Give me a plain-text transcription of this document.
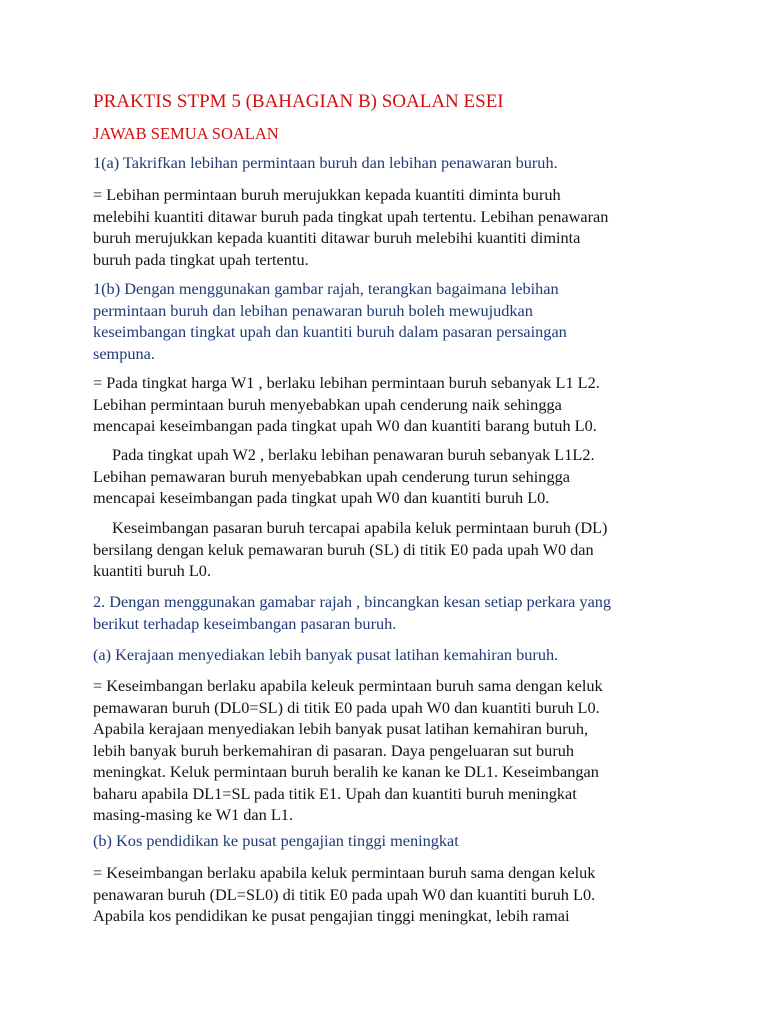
PRAKTIS STPM 5 (BAHAGIAN B) SOALAN ESEI
JAWAB SEMUA SOALAN
1(a) Takrifkan lebihan permintaan buruh dan lebihan penawaran buruh.
= Lebihan permintaan buruh merujukkan kepada kuantiti diminta buruh
melebihi kuantiti ditawar buruh pada tingkat upah tertentu. Lebihan penawaran
buruh merujukkan kepada kuantiti ditawar buruh melebihi kuantiti diminta
buruh pada tingkat upah tertentu.
1(b) Dengan menggunakan gambar rajah, terangkan bagaimana lebihan
permintaan buruh dan lebihan penawaran buruh boleh mewujudkan
keseimbangan tingkat upah dan kuantiti buruh dalam pasaran persaingan
sempuna.
= Pada tingkat harga W1 , berlaku lebihan permintaan buruh sebanyak L1 L2.
Lebihan permintaan buruh menyebabkan upah cenderung naik sehingga
mencapai keseimbangan pada tingkat upah W0 dan kuantiti barang butuh L0.
Pada tingkat upah W2 , berlaku lebihan penawaran buruh sebanyak L1L2.
Lebihan pemawaran buruh menyebabkan upah cenderung turun sehingga
mencapai keseimbangan pada tingkat upah W0 dan kuantiti buruh L0.
Keseimbangan pasaran buruh tercapai apabila keluk permintaan buruh (DL)
bersilang dengan keluk pemawaran buruh (SL) di titik E0 pada upah W0 dan
kuantiti buruh L0.
2. Dengan menggunakan gamabar rajah , bincangkan kesan setiap perkara yang
berikut terhadap keseimbangan pasaran buruh.
(a) Kerajaan menyediakan lebih banyak pusat latihan kemahiran buruh.
= Keseimbangan berlaku apabila keleuk permintaan buruh sama dengan keluk
pemawaran buruh (DL0=SL) di titik E0 pada upah W0 dan kuantiti buruh L0.
Apabila kerajaan menyediakan lebih banyak pusat latihan kemahiran buruh,
lebih banyak buruh berkemahiran di pasaran. Daya pengeluaran sut buruh
meningkat. Keluk permintaan buruh beralih ke kanan ke DL1. Keseimbangan
baharu apabila DL1=SL pada titik E1. Upah dan kuantiti buruh meningkat
masing-masing ke W1 dan L1.
(b) Kos pendidikan ke pusat pengajian tinggi meningkat
= Keseimbangan berlaku apabila keluk permintaan buruh sama dengan keluk
penawaran buruh (DL=SL0) di titik E0 pada upah W0 dan kuantiti buruh L0.
Apabila kos pendidikan ke pusat pengajian tinggi meningkat, lebih ramai
